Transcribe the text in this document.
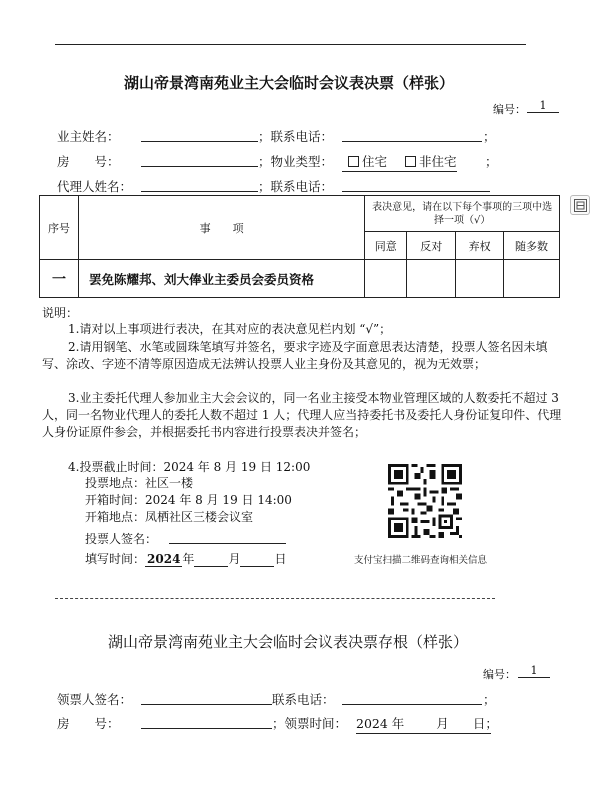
湖山帝景湾南苑业主大会临时会议表决票（样张）
编号：	1
业主姓名：	；联系电话：	；
房　　号：	；物业类型：	住宅	非住宅 ；
代理人姓名：	；联系电话：
序号	事　　项	表决意见，请在以下每个事项的三项中选择一项（√）			
		同意	反对	弃权	随多数
一	罢免陈耀邦、刘大俸业主委员会委员资格				
说明：
1.请对以上事项进行表决，在其对应的表决意见栏内划 “√”；
2.请用钢笔、水笔或圆珠笔填写并签名，要求字迹及字面意思表达清楚，投票人签名因未填写、涂改、字迹不清等原因造成无法辨认投票人业主身份及其意见的，视为无效票；
3.业主委托代理人参加业主大会会议的，同一名业主接受本物业管理区域的人数委托不超过 3 人，同一名物业代理人的委托人数不超过 1 人；代理人应当持委托书及委托人身份证复印件、代理人身份证原件参会，并根据委托书内容进行投票表决并签名；
4.投票截止时间：2024 年 8 月 19 日 12:00
投票地点：社区一楼
开箱时间：2024 年 8 月 19 日 14:00
开箱地点：凤栖社区三楼会议室
投票人签名：
填写时间： 2024 年	月	日	支付宝扫描二维码查询相关信息
湖山帝景湾南苑业主大会临时会议表决票存根（样张）
编号：	1
领票人签名：	联系电话：	；
房　　号：	；领票时间： 2024 年	月 日；
